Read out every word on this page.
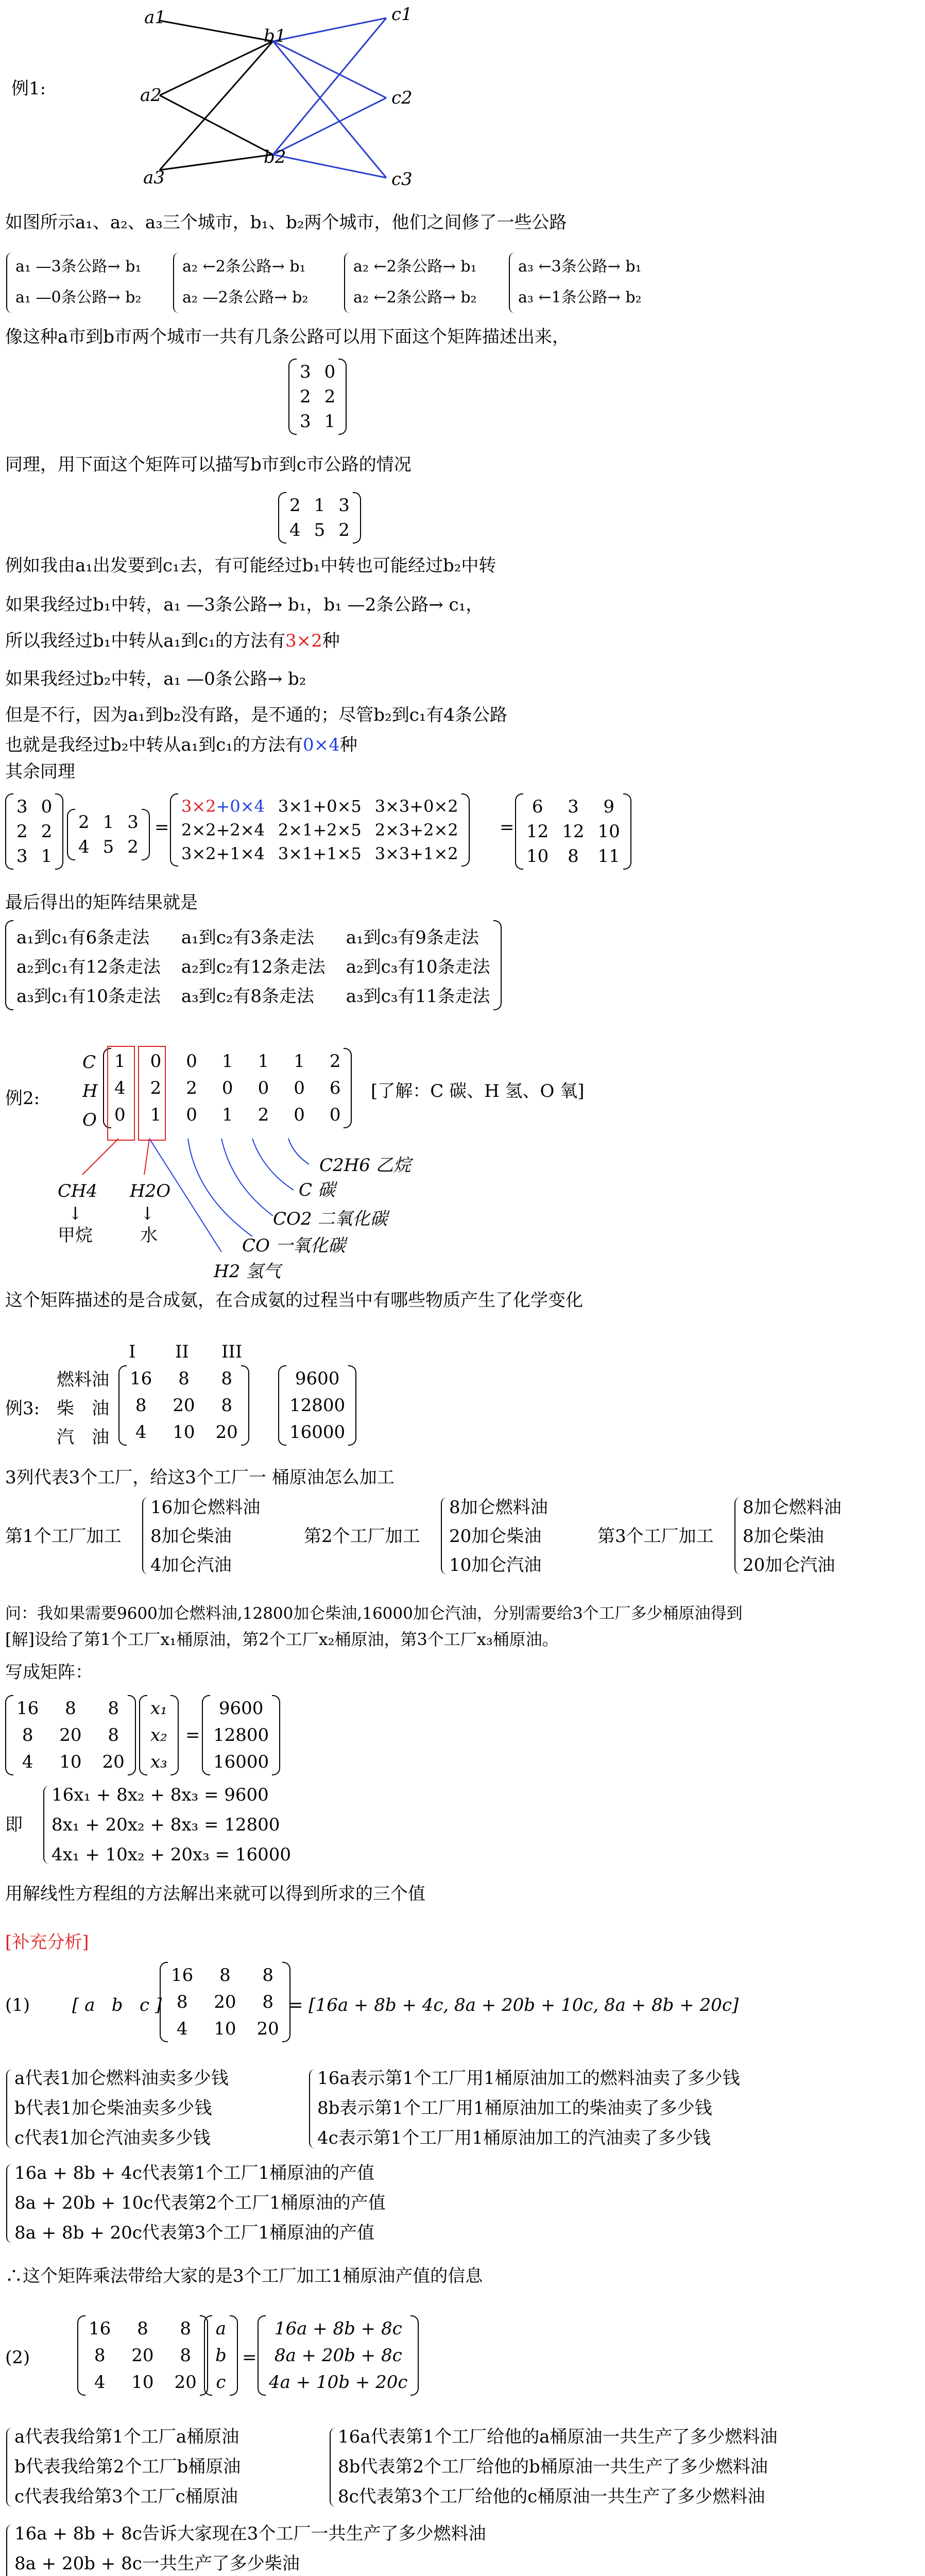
例1:
a1
a2
a3
b1
b2
c1
c2
c3
如图所示a₁、a₂、a₃三个城市，b₁、b₂两个城市，他们之间修了一些公路
a₁ —3条公路→ b₁
a₁ —0条公路→ b₂
a₂ ←2条公路→ b₁
a₂ —2条公路→ b₂
a₂ ←2条公路→ b₁
a₂ ←2条公路→ b₂
a₃ ←3条公路→ b₁
a₃ ←1条公路→ b₂
像这种a市到b市两个城市一共有几条公路可以用下面这个矩阵描述出来，
3 0
2 2
3 1
同理，用下面这个矩阵可以描写b市到c市公路的情况
2 1 3
4 5 2
例如我由a₁出发要到c₁去，有可能经过b₁中转也可能经过b₂中转
如果我经过b₁中转，a₁ —3条公路→ b₁，b₁ —2条公路→ c₁，
所以我经过b₁中转从a₁到c₁的方法有3×2种
如果我经过b₂中转，a₁ —0条公路→ b₂
但是不行，因为a₁到b₂没有路，是不通的；尽管b₂到c₁有4条公路
也就是我经过b₂中转从a₁到c₁的方法有0×4种
其余同理
3 0
2 2
3 1
2 1 3
4 5 2
=
3×2+0×4 3×1+0×5 3×3+0×2
2×2+2×4 2×1+2×5 2×3+2×2
3×2+1×4 3×1+1×5 3×3+1×2
=
6	3	9
12 12 10
10	8	11
最后得出的矩阵结果就是
a₁到c₁有6条走法	a₁到c₂有3条走法	a₁到c₃有9条走法
a₂到c₁有12条走法 a₂到c₂有12条走法 a₂到c₃有10条走法
a₃到c₁有10条走法 a₃到c₂有8条走法	a₃到c₃有11条走法
例2:
C
H
O
1 0 0 1 1 1 2
4 2 2 0 0 0 6
0 1 0 1 2 0 0
[了解：C 碳、H 氢、O 氧]
C2H6 乙烷
C 碳
CO2 二氧化碳
CO 一氧化碳
H2 氢气
CH4
↓
甲烷
H2O
↓
水
这个矩阵描述的是合成氨，在合成氨的过程当中有哪些物质产生了化学变化
I II III
例3:
燃料油
柴　油
汽　油
16	8	8
8	20	8
4	10 20
9600
12800
16000
3列代表3个工厂，给这3个工厂一 桶原油怎么加工
第1个工厂加工
16加仑燃料油
8加仑柴油
4加仑汽油
第2个工厂加工
8加仑燃料油
20加仑柴油
10加仑汽油
第3个工厂加工
8加仑燃料油
8加仑柴油
20加仑汽油
问：我如果需要9600加仑燃料油,12800加仑柴油,16000加仑汽油，分别需要给3个工厂多少桶原油得到
[解]设给了第1个工厂x₁桶原油，第2个工厂x₂桶原油，第3个工厂x₃桶原油。
写成矩阵：
16	8	8
8	20	8
4	10 20
x₁
x₂
x₃
=
9600
12800
16000
即
16x₁ + 8x₂ + 8x₃ = 9600
8x₁ + 20x₂ + 8x₃ = 12800
4x₁ + 10x₂ + 20x₃ = 16000
用解线性方程组的方法解出来就可以得到所求的三个值
[补充分析]
(1) [ a b c ]
16	8	8
8	20	8
4	10 20
= [16a + 8b + 4c, 8a + 20b + 10c, 8a + 8b + 20c]
a代表1加仑燃料油卖多少钱
b代表1加仑柴油卖多少钱
c代表1加仑汽油卖多少钱
16a表示第1个工厂用1桶原油加工的燃料油卖了多少钱
8b表示第1个工厂用1桶原油加工的柴油卖了多少钱
4c表示第1个工厂用1桶原油加工的汽油卖了多少钱
16a + 8b + 4c代表第1个工厂1桶原油的产值
8a + 20b + 10c代表第2个工厂1桶原油的产值
8a + 8b + 20c代表第3个工厂1桶原油的产值
∴这个矩阵乘法带给大家的是3个工厂加工1桶原油产值的信息
(2)
16	8	8
8	20	8
4	10 20
a
b
c
=
16a + 8b + 8c
8a + 20b + 8c
4a + 10b + 20c
a代表我给第1个工厂a桶原油
b代表我给第2个工厂b桶原油
c代表我给第3个工厂c桶原油
16a代表第1个工厂给他的a桶原油一共生产了多少燃料油
8b代表第2个工厂给他的b桶原油一共生产了多少燃料油
8c代表第3个工厂给他的c桶原油一共生产了多少燃料油
16a + 8b + 8c告诉大家现在3个工厂一共生产了多少燃料油
8a + 20b + 8c一共生产了多少柴油
